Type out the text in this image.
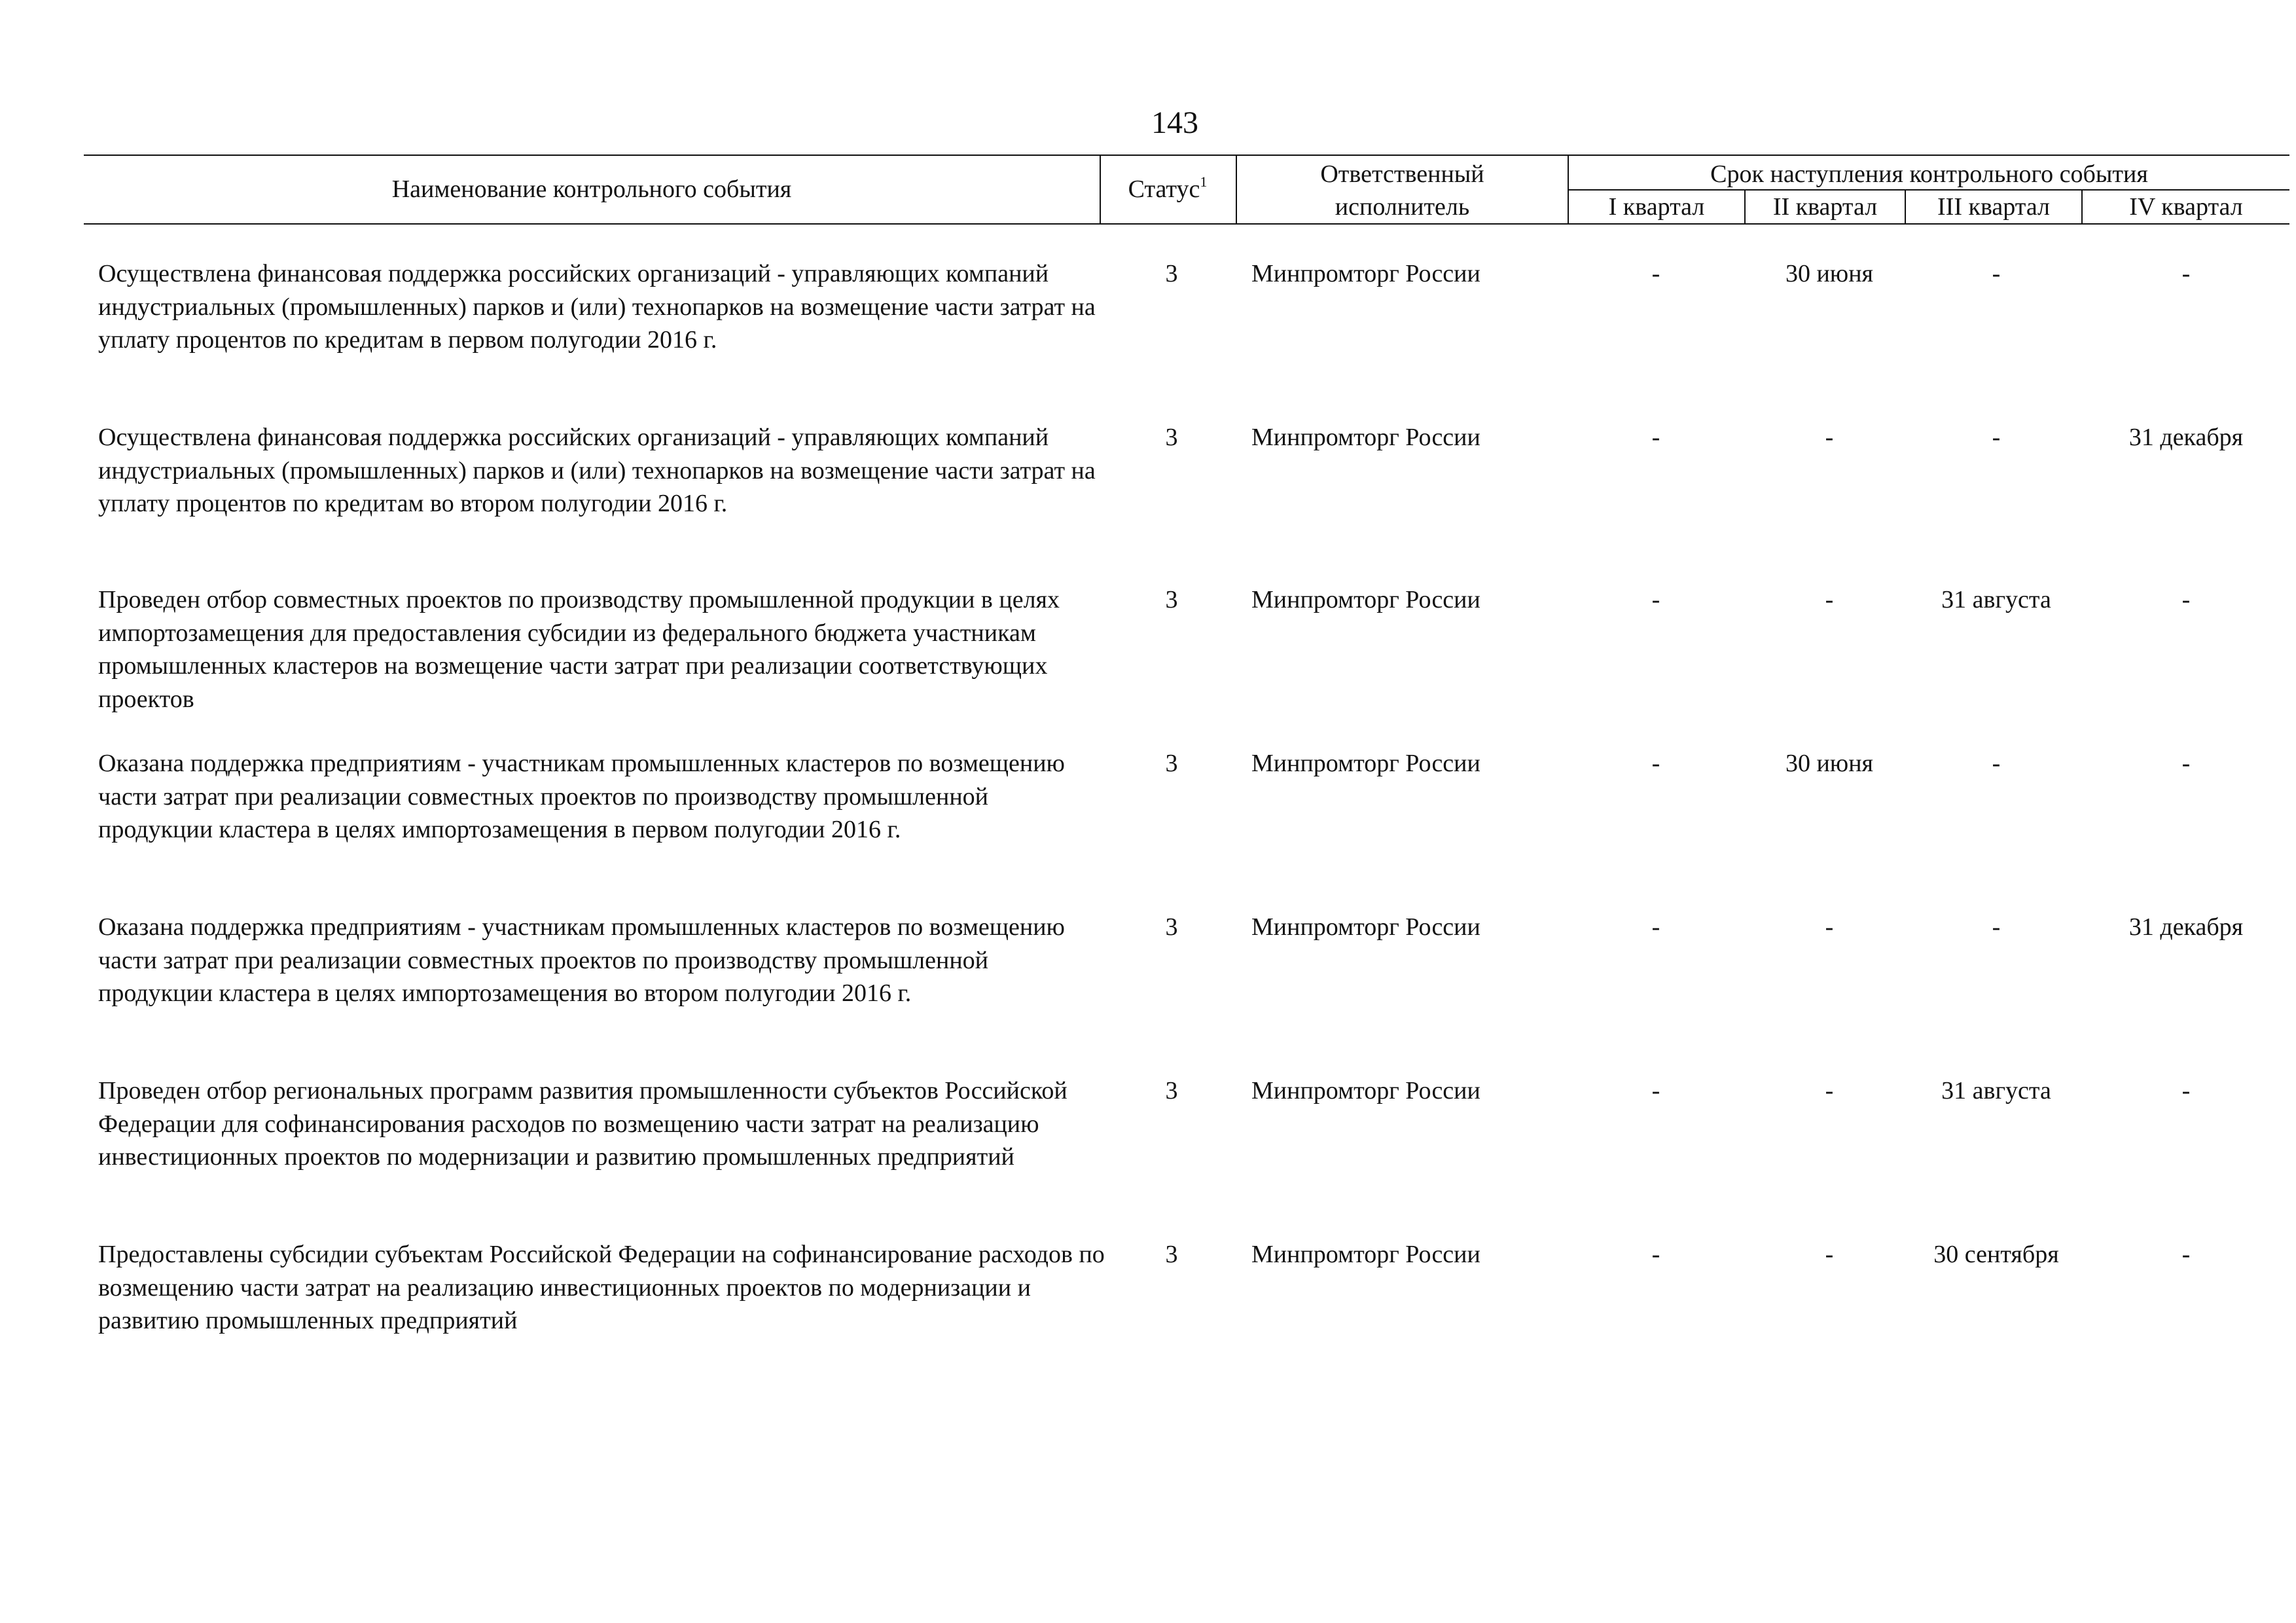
143
Наименование контрольного события	Статус$^1$	Ответственный
исполнитель
Срок наступления контрольного события
I квартал	II квартал	III квартал	IV квартал
Осуществлена финансовая поддержка российских организаций - управляющих компаний индустриальных (промышленных) парков и (или) технопарков на возмещение части затрат на уплату процентов по кредитам в первом полугодии 2016 г.
3	Минпромторг России	-	30 июня	-	-
Осуществлена финансовая поддержка российских организаций - управляющих компаний индустриальных (промышленных) парков и (или) технопарков на возмещение части затрат на уплату процентов по кредитам во втором полугодии 2016 г.
3	Минпромторг России	-	-	-	31 декабря
Проведен отбор совместных проектов по производству промышленной продукции в целях импортозамещения для предоставления субсидии из федерального бюджета участникам промышленных кластеров на возмещение части затрат при реализации соответствующих проектов
3	Минпромторг России	-	-	31 августа	-
Оказана поддержка предприятиям - участникам промышленных кластеров по возмещению части затрат при реализации совместных проектов по производству промышленной продукции кластера в целях импортозамещения в первом полугодии 2016 г.
3	Минпромторг России	-	30 июня	-	-
Оказана поддержка предприятиям - участникам промышленных кластеров по возмещению части затрат при реализации совместных проектов по производству промышленной продукции кластера в целях импортозамещения во втором полугодии 2016 г.
3	Минпромторг России	-	-	-	31 декабря
Проведен отбор региональных программ развития промышленности субъектов Российской Федерации для софинансирования расходов по возмещению части затрат на реализацию инвестиционных проектов по модернизации и развитию промышленных предприятий
3	Минпромторг России	-	-	31 августа	-
Предоставлены субсидии субъектам Российской Федерации на софинансирование расходов по возмещению части затрат на реализацию инвестиционных проектов по модернизации и развитию промышленных предприятий
3	Минпромторг России	-	-	30 сентября	-
